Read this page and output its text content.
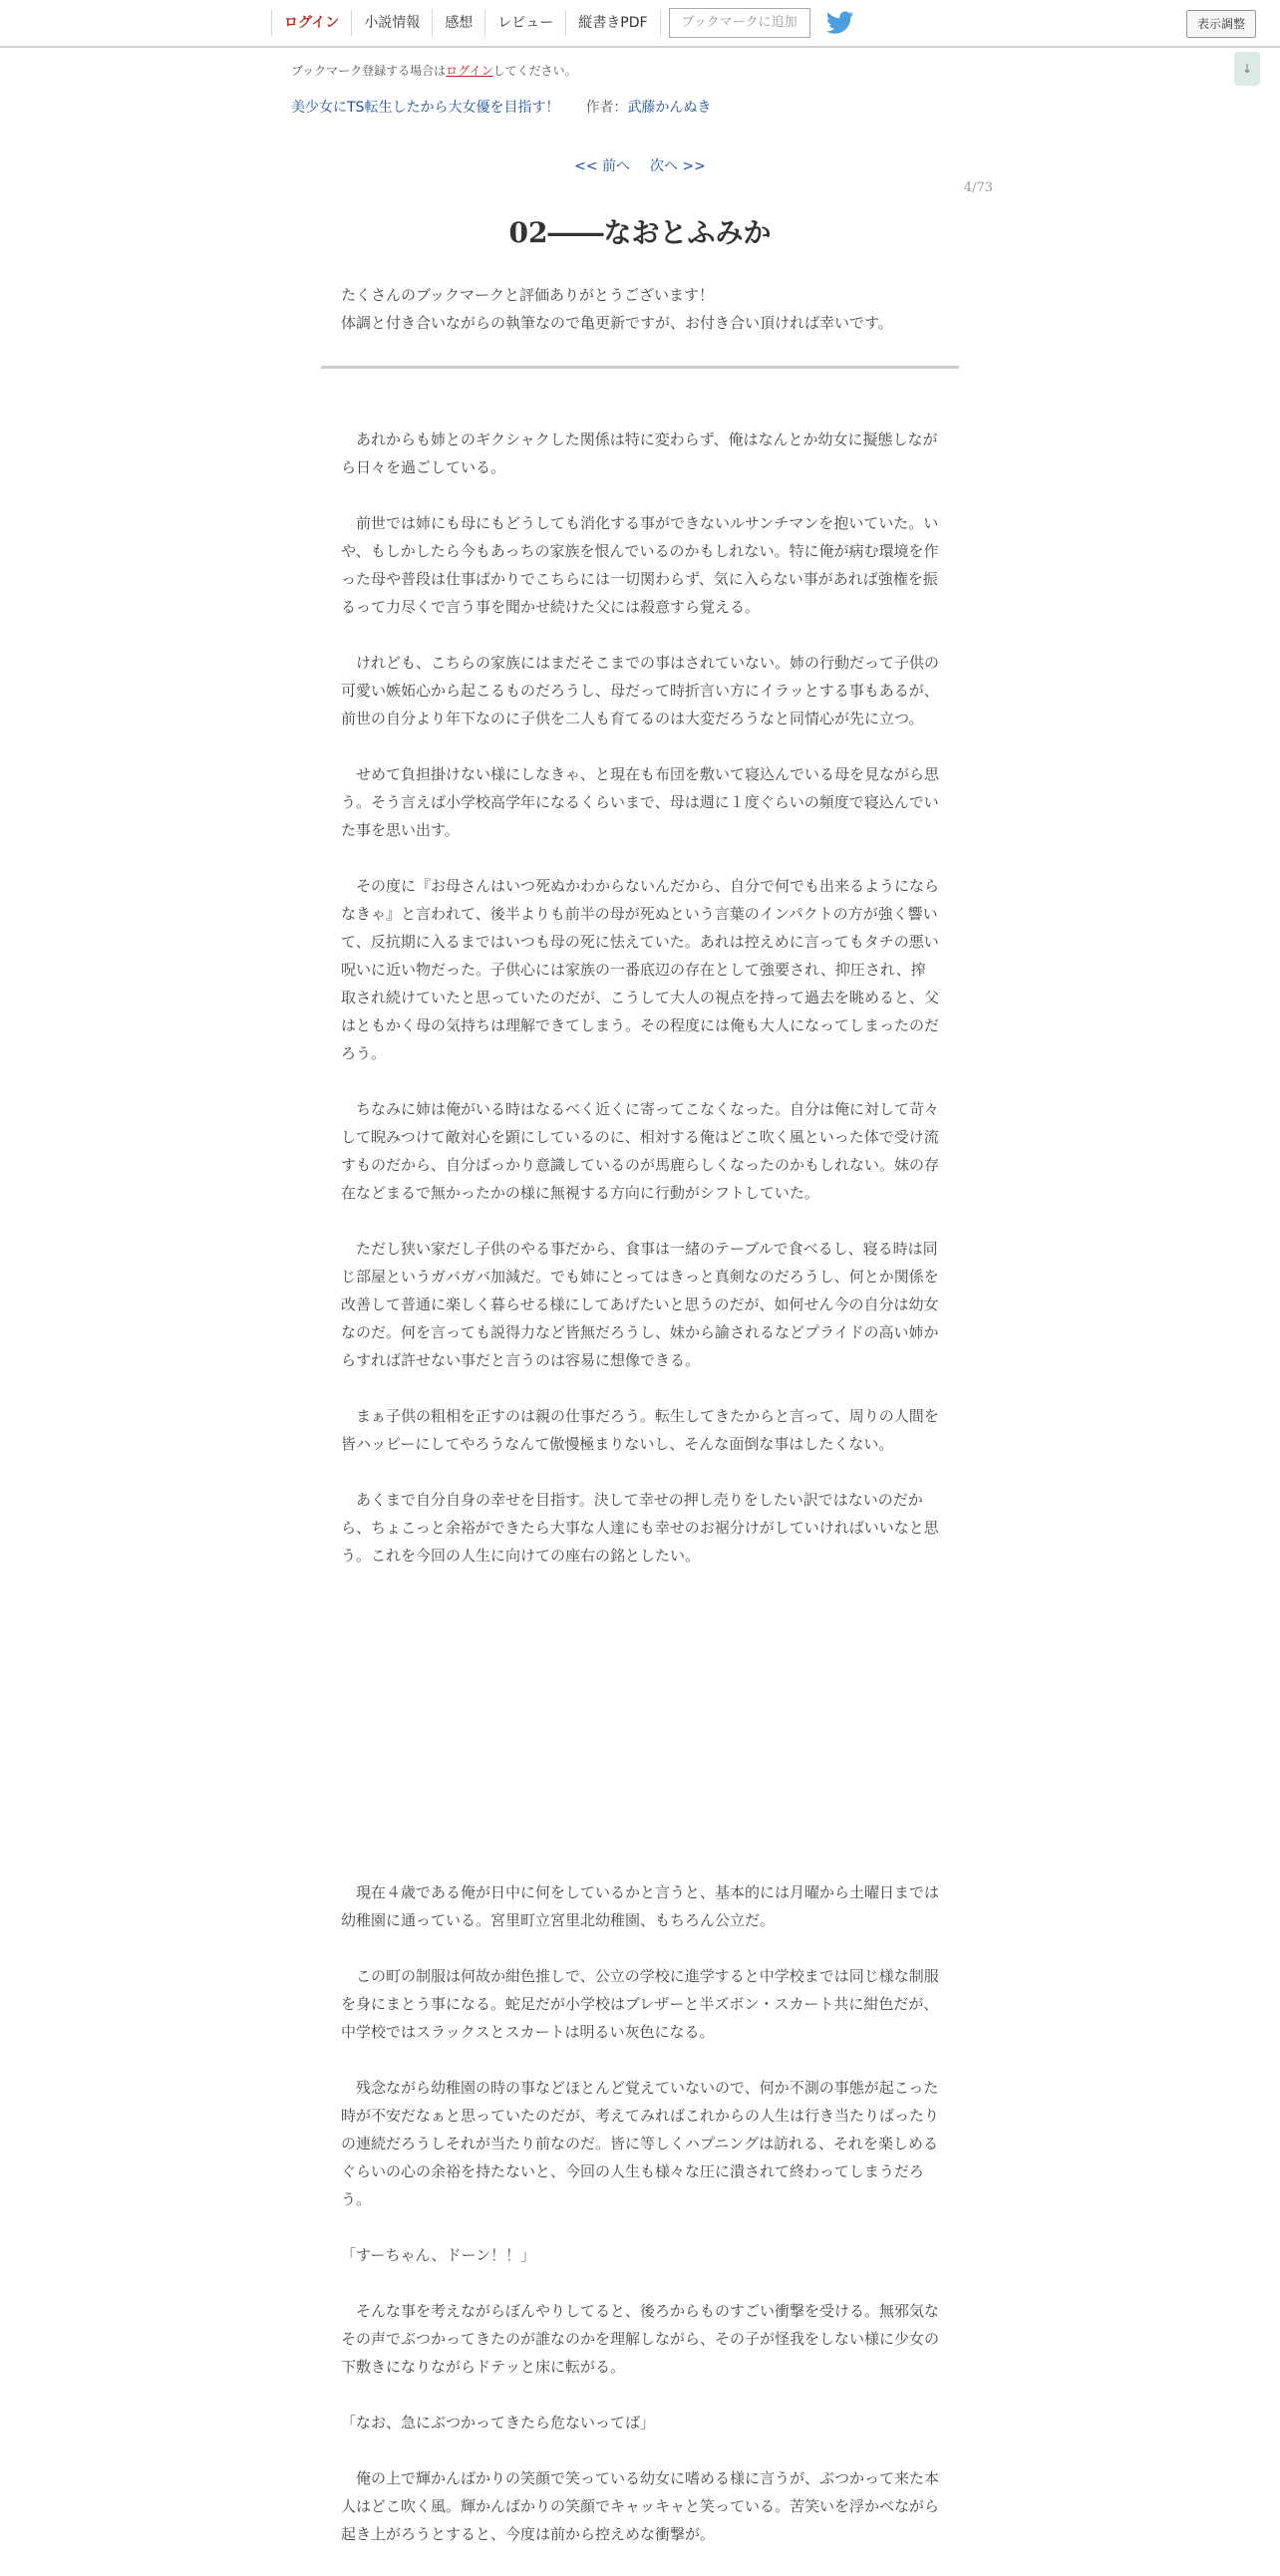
ログイン	小説情報	感想	レビュー	縦書きPDF	ブックマークに追加	表示調整
↓
ブックマーク登録する場合はログインしてください。
美少女にTS転生したから大女優を目指す！ 作者：武藤かんぬき
<< 前へ 次へ >>
4/73
02――なおとふみか
たくさんのブックマークと評価ありがとうございます！
体調と付き合いながらの執筆なので亀更新ですが、お付き合い頂ければ幸いです。

　あれからも姉とのギクシャクした関係は特に変わらず、俺はなんとか幼女に擬態しながら日々を過ごしている。

　前世では姉にも母にもどうしても消化する事ができないルサンチマンを抱いていた。いや、もしかしたら今もあっちの家族を恨んでいるのかもしれない。特に俺が病む環境を作った母や普段は仕事ばかりでこちらには一切関わらず、気に入らない事があれば強権を振るって力尽くで言う事を聞かせ続けた父には殺意すら覚える。

　けれども、こちらの家族にはまだそこまでの事はされていない。姉の行動だって子供の可愛い嫉妬心から起こるものだろうし、母だって時折言い方にイラッとする事もあるが、前世の自分より年下なのに子供を二人も育てるのは大変だろうなと同情心が先に立つ。

　せめて負担掛けない様にしなきゃ、と現在も布団を敷いて寝込んでいる母を見ながら思う。そう言えば小学校高学年になるくらいまで、母は週に１度ぐらいの頻度で寝込んでいた事を思い出す。

　その度に『お母さんはいつ死ぬかわからないんだから、自分で何でも出来るようにならなきゃ』と言われて、後半よりも前半の母が死ぬという言葉のインパクトの方が強く響いて、反抗期に入るまではいつも母の死に怯えていた。あれは控えめに言ってもタチの悪い呪いに近い物だった。子供心には家族の一番底辺の存在として強要され、抑圧され、搾取され続けていたと思っていたのだが、こうして大人の視点を持って過去を眺めると、父はともかく母の気持ちは理解できてしまう。その程度には俺も大人になってしまったのだろう。

　ちなみに姉は俺がいる時はなるべく近くに寄ってこなくなった。自分は俺に対して苛々して睨みつけて敵対心を顕にしているのに、相対する俺はどこ吹く風といった体で受け流すものだから、自分ばっかり意識しているのが馬鹿らしくなったのかもしれない。妹の存在などまるで無かったかの様に無視する方向に行動がシフトしていた。

　ただし狭い家だし子供のやる事だから、食事は一緒のテーブルで食べるし、寝る時は同じ部屋というガバガバ加減だ。でも姉にとってはきっと真剣なのだろうし、何とか関係を改善して普通に楽しく暮らせる様にしてあげたいと思うのだが、如何せん今の自分は幼女なのだ。何を言っても説得力など皆無だろうし、妹から諭されるなどプライドの高い姉からすれば許せない事だと言うのは容易に想像できる。

　まぁ子供の粗相を正すのは親の仕事だろう。転生してきたからと言って、周りの人間を皆ハッピーにしてやろうなんて傲慢極まりないし、そんな面倒な事はしたくない。

　あくまで自分自身の幸せを目指す。決して幸せの押し売りをしたい訳ではないのだから、ちょこっと余裕ができたら大事な人達にも幸せのお裾分けがしていければいいなと思う。これを今回の人生に向けての座右の銘としたい。

　現在４歳である俺が日中に何をしているかと言うと、基本的には月曜から土曜日までは幼稚園に通っている。宮里町立宮里北幼稚園、もちろん公立だ。

　この町の制服は何故か紺色推しで、公立の学校に進学すると中学校までは同じ様な制服を身にまとう事になる。蛇足だが小学校はブレザーと半ズボン・スカート共に紺色だが、中学校ではスラックスとスカートは明るい灰色になる。

　残念ながら幼稚園の時の事などほとんど覚えていないので、何か不測の事態が起こった時が不安だなぁと思っていたのだが、考えてみればこれからの人生は行き当たりばったりの連続だろうしそれが当たり前なのだ。皆に等しくハプニングは訪れる、それを楽しめるぐらいの心の余裕を持たないと、今回の人生も様々な圧に潰されて終わってしまうだろう。

「すーちゃん、ドーン！！」

　そんな事を考えながらぼんやりしてると、後ろからものすごい衝撃を受ける。無邪気なその声でぶつかってきたのが誰なのかを理解しながら、その子が怪我をしない様に少女の下敷きになりながらドテッと床に転がる。

「なお、急にぶつかってきたら危ないってば」

　俺の上で輝かんばかりの笑顔で笑っている幼女に嗜める様に言うが、ぶつかって来た本人はどこ吹く風。輝かんばかりの笑顔でキャッキャと笑っている。苦笑いを浮かべながら起き上がろうとすると、今度は前から控えめな衝撃が。
